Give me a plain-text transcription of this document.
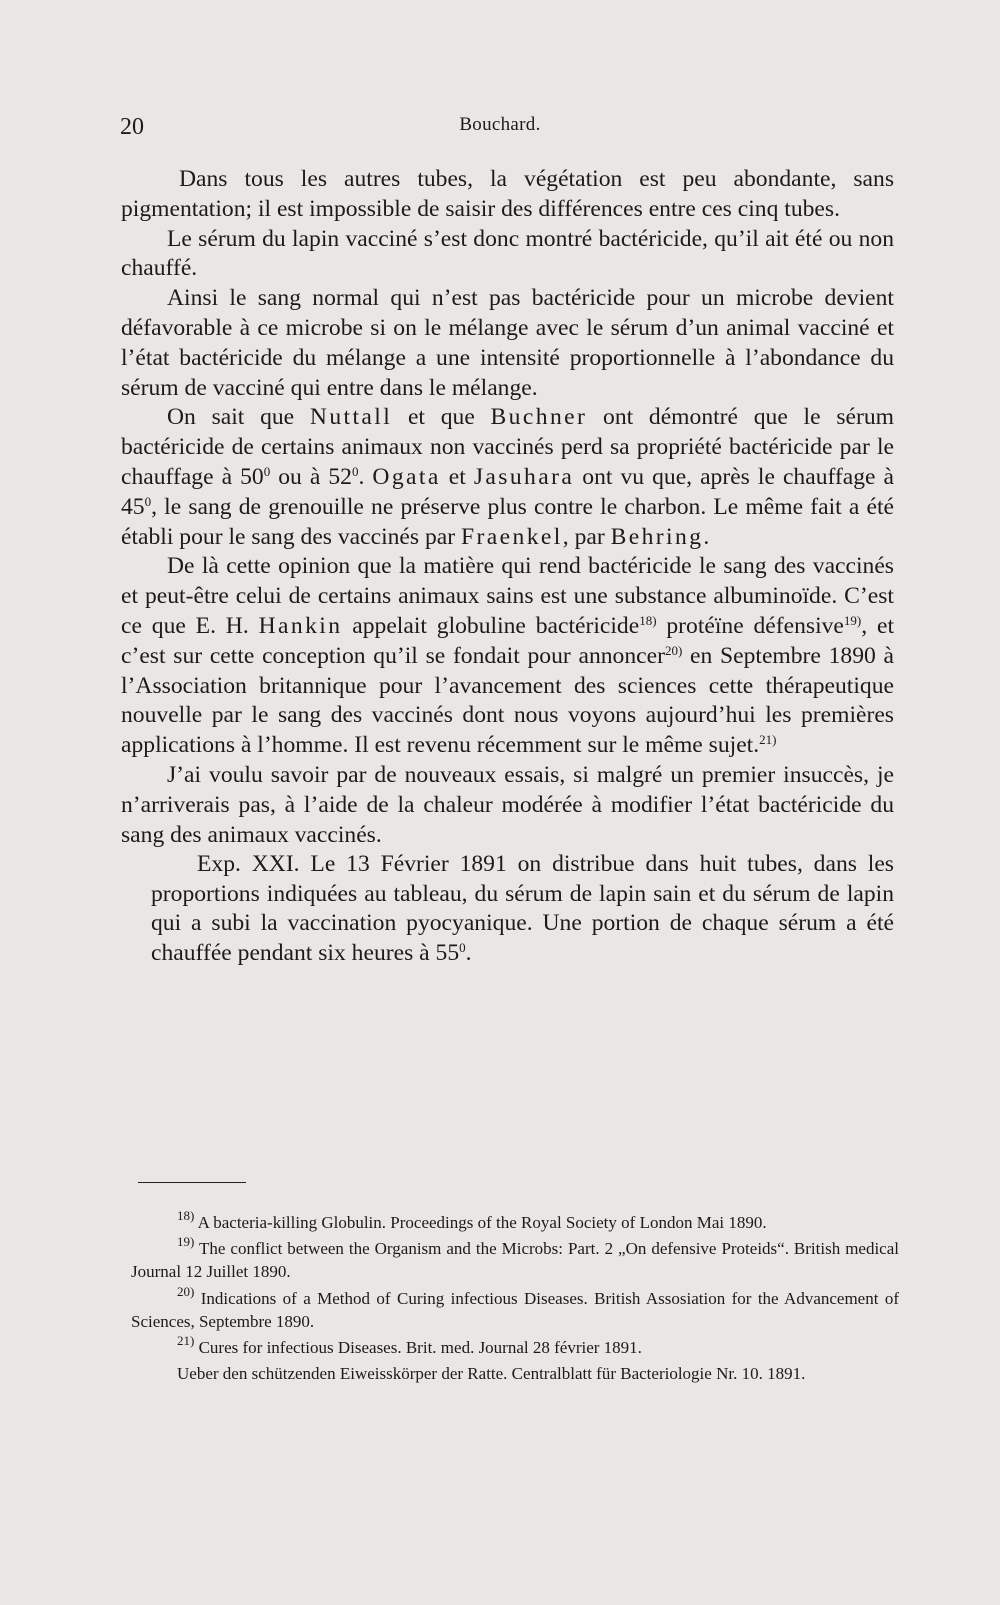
20	Bouchard.

Dans tous les autres tubes, la végétation est peu abondante, sans pigmentation; il est impossible de saisir des différences entre ces cinq tubes.

Le sérum du lapin vacciné s’est donc montré bactéricide, qu’il ait été ou non chauffé.

Ainsi le sang normal qui n’est pas bactéricide pour un microbe devient défavorable à ce microbe si on le mélange avec le sérum d’un animal vacciné et l’état bactéricide du mélange a une intensité proportionnelle à l’abondance du sérum de vacciné qui entre dans le mélange.

On sait que Nuttall et que Buchner ont démontré que le sérum bactéricide de certains animaux non vaccinés perd sa propriété bactéricide par le chauffage à $50^0$ ou à $52^0$. Ogata et Jasuhara ont vu que, après le chauffage à $45^0$, le sang de grenouille ne préserve plus contre le charbon. Le même fait a été établi pour le sang des vaccinés par Fraenkel, par Behring.

De là cette opinion que la matière qui rend bactéricide le sang des vaccinés et peut-être celui de certains animaux sains est une substance albuminoïde. C’est ce que E. H. Hankin appelait globuline bactéricide$^{18)}$ protéïne défensive$^{19)}$, et c’est sur cette conception qu’il se fondait pour annoncer$^{20)}$ en Septembre 1890 à l’Association britannique pour l’avancement des sciences cette thérapeutique nouvelle par le sang des vaccinés dont nous voyons aujourd’hui les premières applications à l’homme. Il est revenu récemment sur le même sujet.$^{21)}$

J’ai voulu savoir par de nouveaux essais, si malgré un premier insuccès, je n’arriverais pas, à l’aide de la chaleur modérée à modifier l’état bactéricide du sang des animaux vaccinés.

Exp. XXI. Le 13 Février 1891 on distribue dans huit tubes, dans les proportions indiquées au tableau, du sérum de lapin sain et du sérum de lapin qui a subi la vaccination pyocyanique. Une portion de chaque sérum a été chauffée pendant six heures à $55^0$.

$^{18)}$ A bacteria-killing Globulin. Proceedings of the Royal Society of London Mai 1890.

$^{19)}$ The conflict between the Organism and the Microbs: Part. 2 „On defensive Proteids“. British medical Journal 12 Juillet 1890.

$^{20)}$ Indications of a Method of Curing infectious Diseases. British Assosiation for the Advancement of Sciences, Septembre 1890.

$^{21)}$ Cures for infectious Diseases. Brit. med. Journal 28 février 1891.

Ueber den schützenden Eiweisskörper der Ratte. Centralblatt für Bacteriologie Nr. 10. 1891.
